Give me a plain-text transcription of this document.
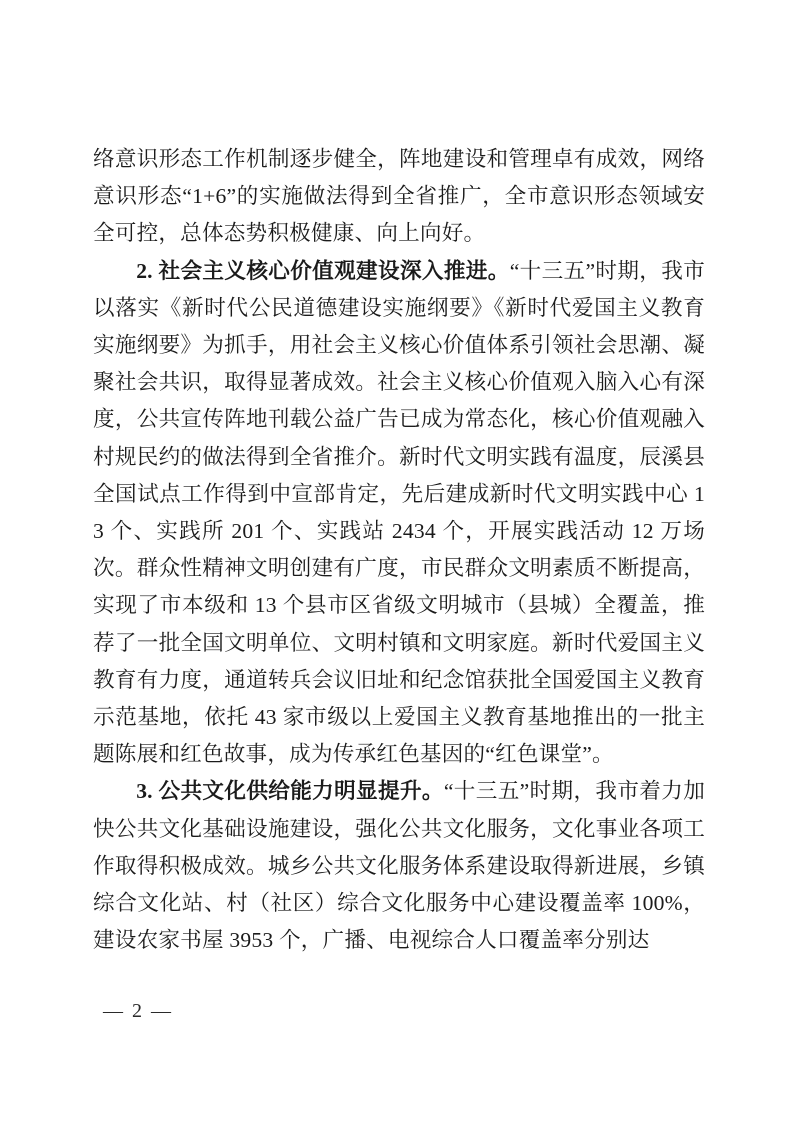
络意识形态工作机制逐步健全，阵地建设和管理卓有成效，网络意识形态“1+6”的实施做法得到全省推广，全市意识形态领域安全可控，总体态势积极健康、向上向好。

2. 社会主义核心价值观建设深入推进。“十三五”时期，我市以落实《新时代公民道德建设实施纲要》《新时代爱国主义教育实施纲要》为抓手，用社会主义核心价值体系引领社会思潮、凝聚社会共识，取得显著成效。社会主义核心价值观入脑入心有深度，公共宣传阵地刊载公益广告已成为常态化，核心价值观融入村规民约的做法得到全省推介。新时代文明实践有温度，辰溪县全国试点工作得到中宣部肯定，先后建成新时代文明实践中心 13 个、实践所 201 个、实践站 2434 个，开展实践活动 12 万场次。群众性精神文明创建有广度，市民群众文明素质不断提高，实现了市本级和 13 个县市区省级文明城市（县城）全覆盖，推荐了一批全国文明单位、文明村镇和文明家庭。新时代爱国主义教育有力度，通道转兵会议旧址和纪念馆获批全国爱国主义教育示范基地，依托 43 家市级以上爱国主义教育基地推出的一批主题陈展和红色故事，成为传承红色基因的“红色课堂”。

3. 公共文化供给能力明显提升。“十三五”时期，我市着力加快公共文化基础设施建设，强化公共文化服务，文化事业各项工作取得积极成效。城乡公共文化服务体系建设取得新进展，乡镇综合文化站、村（社区）综合文化服务中心建设覆盖率 100%，建设农家书屋 3953 个，广播、电视综合人口覆盖率分别达

— 2 —
